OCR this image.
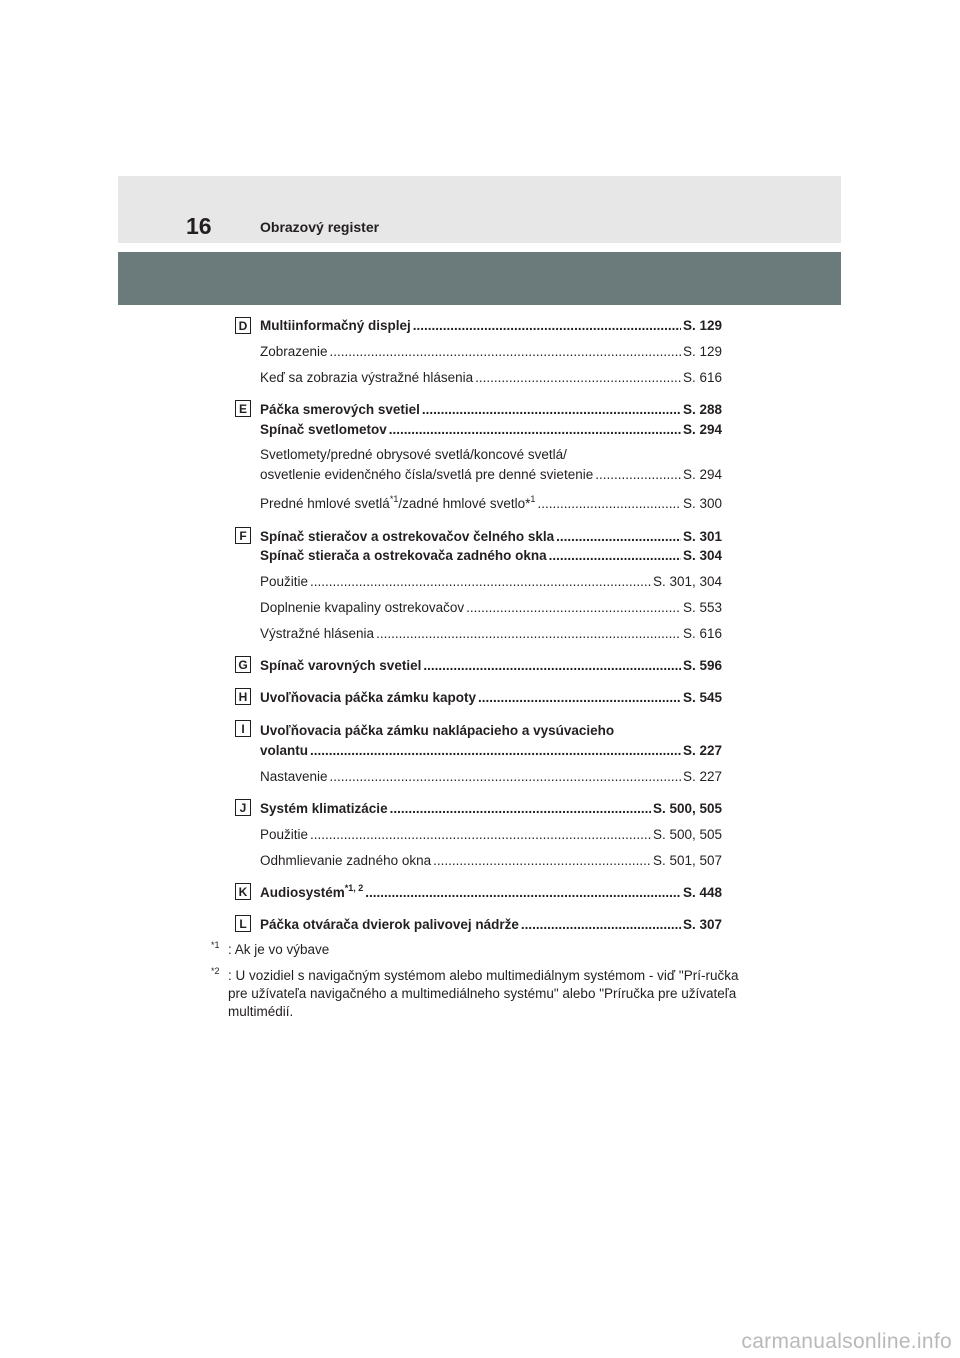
16	Obrazový register
D Multiinformačný displej .....	S. 129
Zobrazenie .....	S. 129
Keď sa zobrazia výstražné hlásenia .....	S. 616
E Páčka smerových svetiel .....	S. 288
Spínač svetlometov .....	S. 294
Svetlomety/predné obrysové svetlá/koncové svetlá/
osvetlenie evidenčného čísla/svetlá pre denné svietenie .....	S. 294
Predné hmlové svetlá$^{*1}$/zadné hmlové svetlo*$^1$ .....	S. 300
F Spínač stieračov a ostrekovačov čelného skla .....	S. 301
Spínač stierača a ostrekovača zadného okna .....	S. 304
Použitie .....	S. 301, 304
Doplnenie kvapaliny ostrekovačov .....	S. 553
Výstražné hlásenia .....	S. 616
G Spínač varovných svetiel .....	S. 596
H Uvoľňovacia páčka zámku kapoty .....	S. 545
I	Uvoľňovacia páčka zámku naklápacieho a vysúvacieho
volantu .....	S. 227
Nastavenie .....	S. 227
J	Systém klimatizácie .....	S. 500, 505
Použitie .....	S. 500, 505
Odhmlievanie zadného okna .....	S. 501, 507
K Audiosystém$^{*1, 2}$ .....	S. 448
L Páčka otvárača dvierok palivovej nádrže .....	S. 307
$^{*1}$ : Ak je vo výbave
$^{*2}$ : U vozidiel s navigačným systémom alebo multimediálnym systémom - viď "Prí-ručka pre užívateľa navigačného a multimediálneho systému" alebo "Príručka pre užívateľa multimédií.
carmanualsonline.info
